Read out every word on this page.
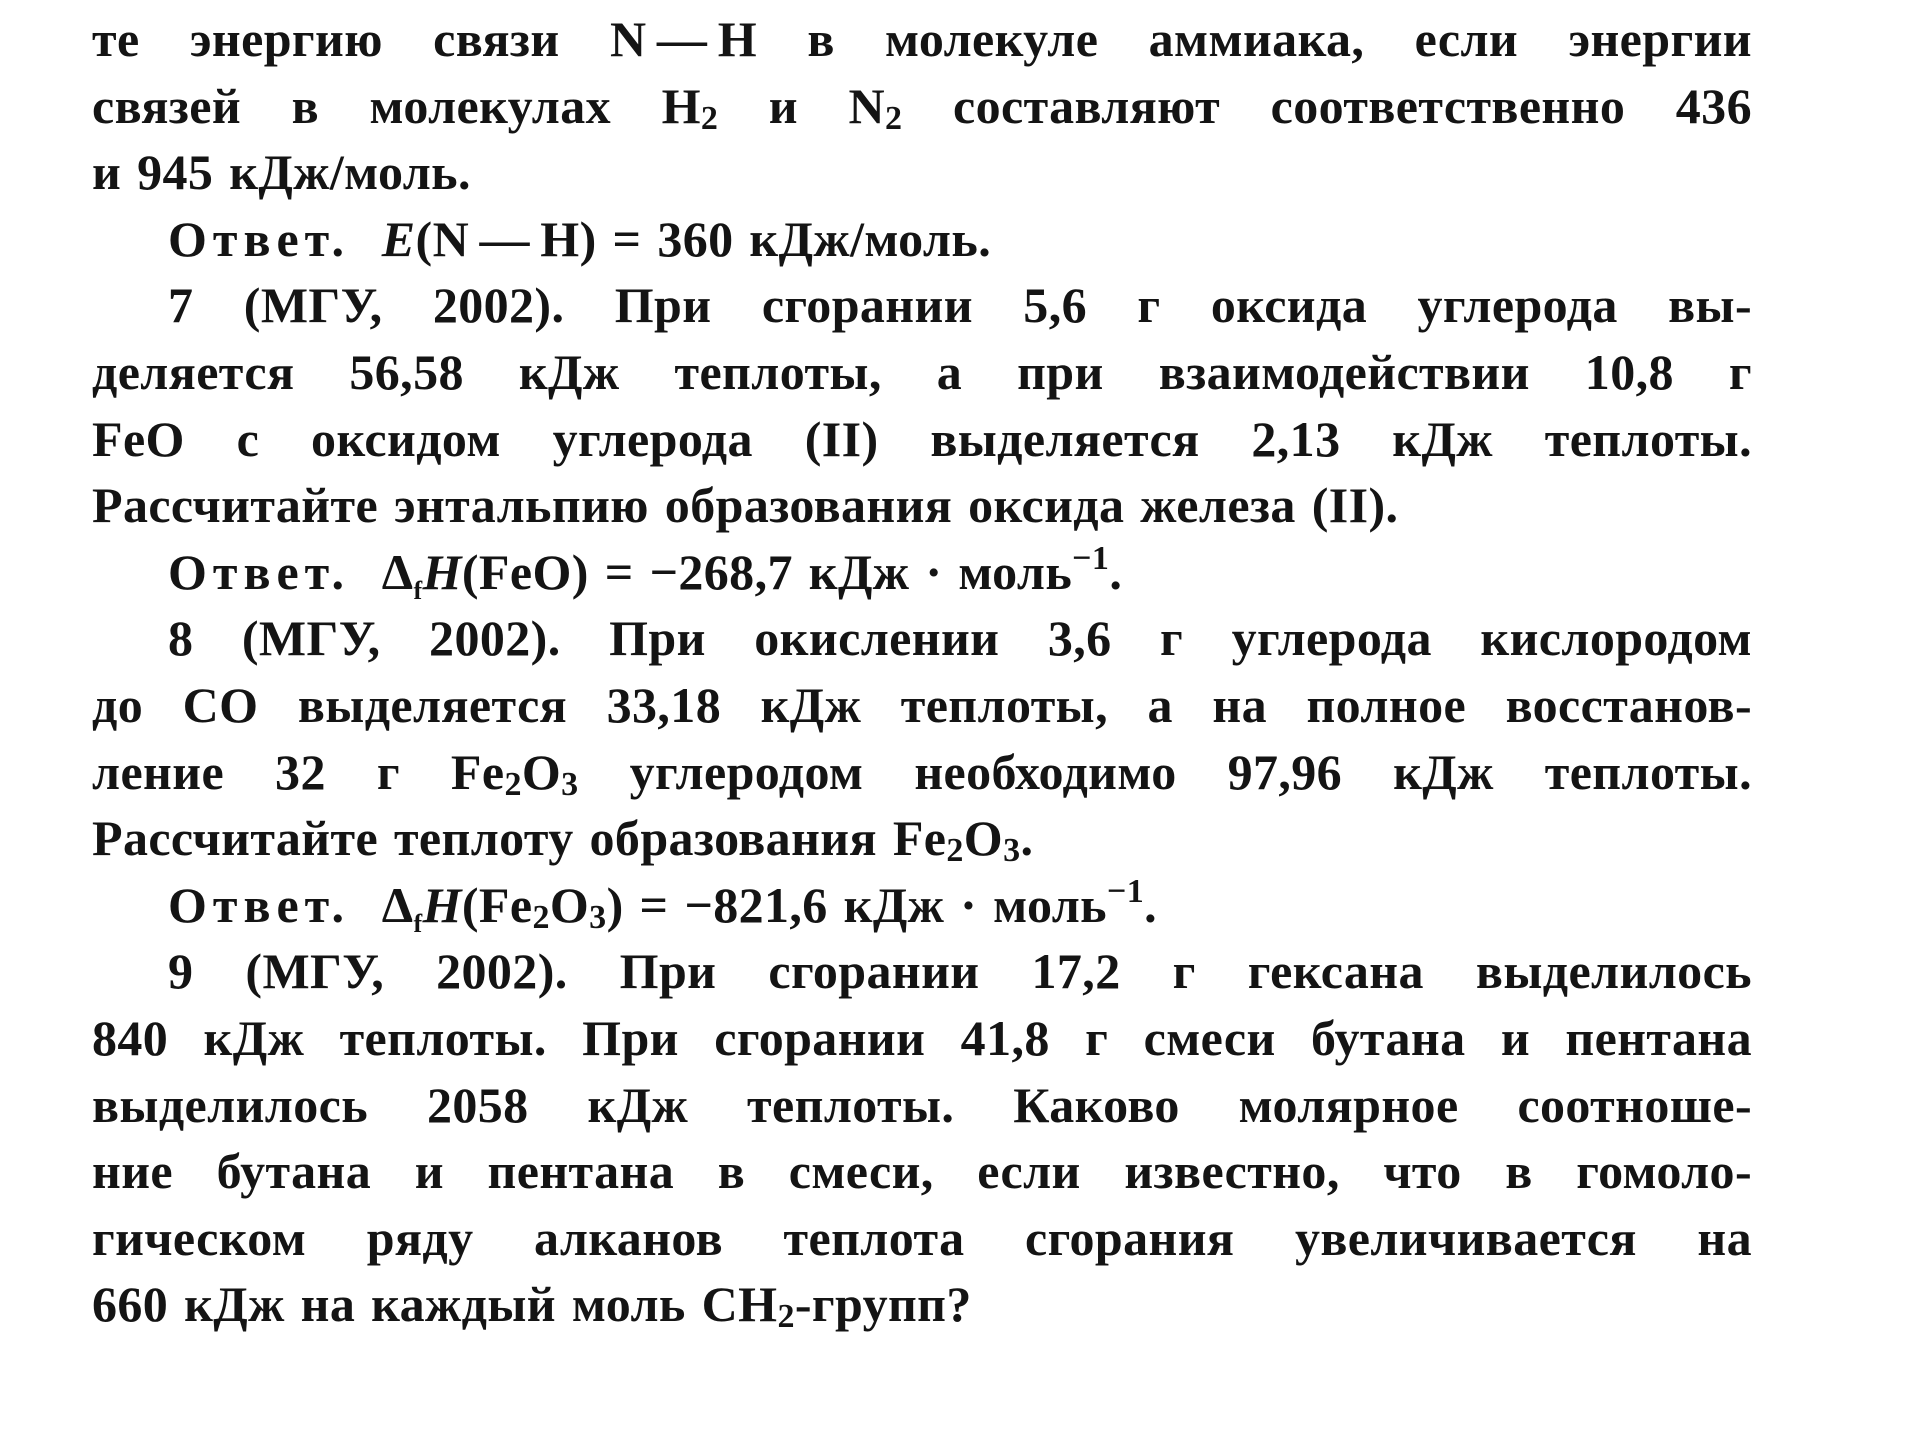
те энергию связи N — H в молекуле аммиака, если энергии
связей в молекулах H2 и N2 составляют соответственно 436
и 945 кДж/моль.
Ответ. E(N — H) = 360 кДж/моль.
7 (МГУ, 2002). При сгорании 5,6 г оксида углерода вы-
деляется 56,58 кДж теплоты, а при взаимодействии 10,8 г
FeO с оксидом углерода (II) выделяется 2,13 кДж теплоты.
Рассчитайте энтальпию образования оксида железа (II).
Ответ. $\Delta_fH(FeO) = -268,7$ кДж · моль$^{-1}$.
8 (МГУ, 2002). При окислении 3,6 г углерода кислородом
до CO выделяется 33,18 кДж теплоты, а на полное восстанов-
ление 32 г Fe2O3 углеродом необходимо 97,96 кДж теплоты.
Рассчитайте теплоту образования Fe2O3.
Ответ. $\Delta_fH(Fe2O3) = -821,6$ кДж · моль$^{-1}$.
9 (МГУ, 2002). При сгорании 17,2 г гексана выделилось
840 кДж теплоты. При сгорании 41,8 г смеси бутана и пентана
выделилось 2058 кДж теплоты. Каково молярное соотноше-
ние бутана и пентана в смеси, если известно, что в гомоло-
гическом ряду алканов теплота сгорания увеличивается на
660 кДж на каждый моль CH2-групп?
